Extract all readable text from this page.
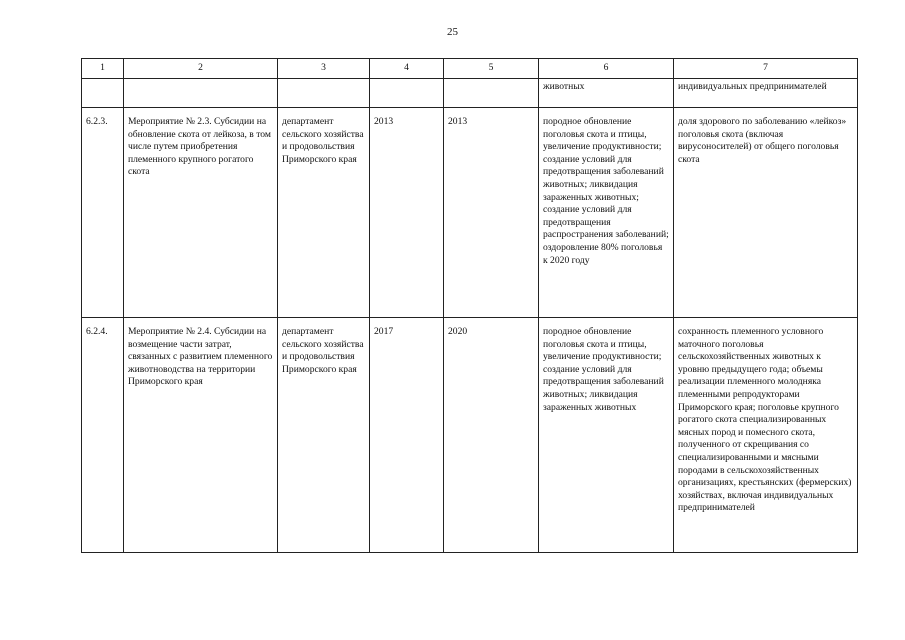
25
1	2	3	4	5	6	7
					животных	индивидуальных предпринимателей
6.2.3.	Мероприятие № 2.3. Субсидии на обновление скота от лейкоза, в том числе путем приобретения племенного крупного рогатого скота	департамент сельского хозяйства и продовольствия Приморского края	2013	2013	породное обновление поголовья скота и птицы, увеличение продуктивности; создание условий для предотвращения заболеваний животных; ликвидация зараженных животных; создание условий для предотвращения распространения заболеваний; оздоровление 80% поголовья к 2020 году	доля здорового по заболеванию «лейкоз» поголовья скота (включая вирусоносителей) от общего поголовья скота
6.2.4.	Мероприятие № 2.4. Субсидии на возмещение части затрат, связанных с развитием племенного животноводства на территории Приморского края	департамент сельского хозяйства и продовольствия Приморского края	2017	2020	породное обновление поголовья скота и птицы, увеличение продуктивности; создание условий для предотвращения заболеваний животных; ликвидация зараженных животных	сохранность племенного условного маточного поголовья сельскохозяйственных животных к уровню предыдущего года; объемы реализации племенного молодняка племенными репродукторами Приморского края; поголовье крупного рогатого скота специализированных мясных пород и помесного скота, полученного от скрещивания со специализированными и мясными породами в сельскохозяйственных организациях, крестьянских (фермерских) хозяйствах, включая индивидуальных предпринимателей
